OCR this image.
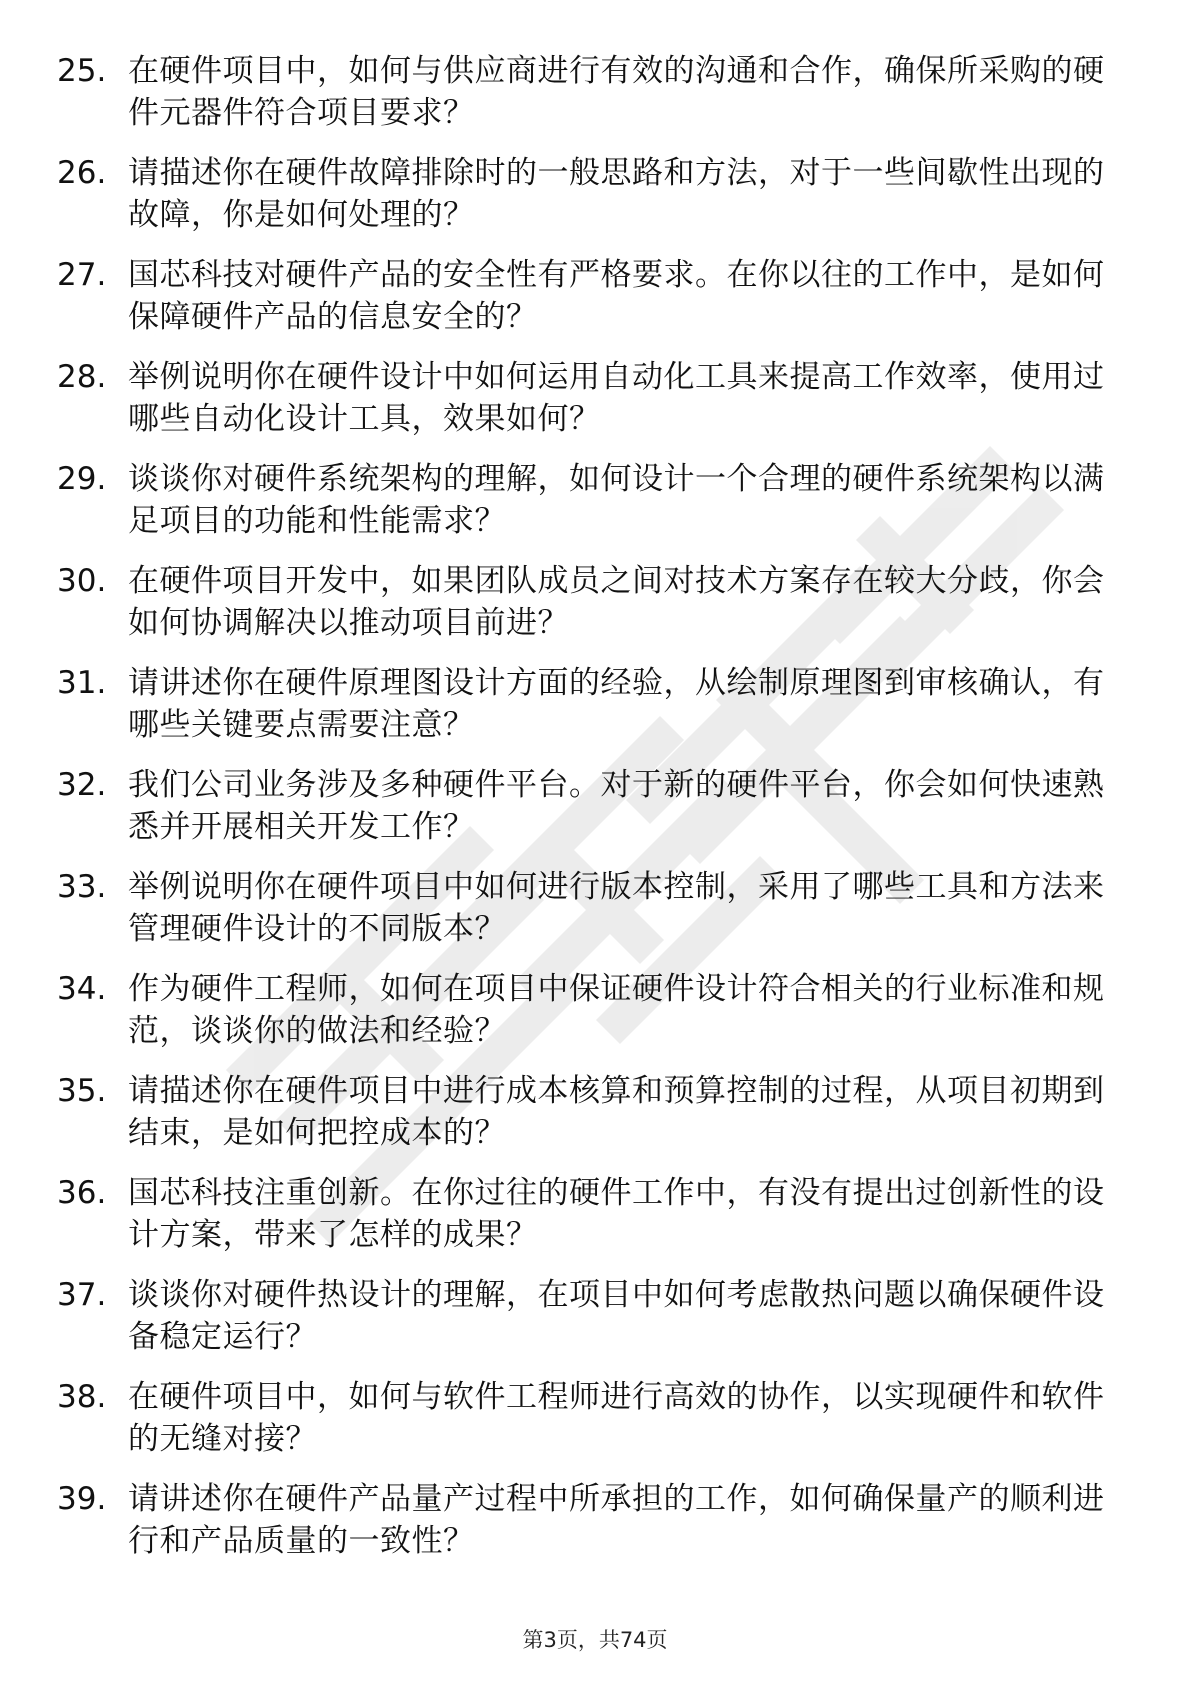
25. 在硬件项目中，如何与供应商进行有效的沟通和合作，确保所采购的硬件元器件符合项目要求？
26. 请描述你在硬件故障排除时的一般思路和方法，对于一些间歇性出现的故障，你是如何处理的？
27. 国芯科技对硬件产品的安全性有严格要求。在你以往的工作中，是如何保障硬件产品的信息安全的？
28. 举例说明你在硬件设计中如何运用自动化工具来提高工作效率，使用过哪些自动化设计工具，效果如何？
29. 谈谈你对硬件系统架构的理解，如何设计一个合理的硬件系统架构以满足项目的功能和性能需求？
30. 在硬件项目开发中，如果团队成员之间对技术方案存在较大分歧，你会如何协调解决以推动项目前进？
31. 请讲述你在硬件原理图设计方面的经验，从绘制原理图到审核确认，有哪些关键要点需要注意？
32. 我们公司业务涉及多种硬件平台。对于新的硬件平台，你会如何快速熟悉并开展相关开发工作？
33. 举例说明你在硬件项目中如何进行版本控制，采用了哪些工具和方法来管理硬件设计的不同版本？
34. 作为硬件工程师，如何在项目中保证硬件设计符合相关的行业标准和规范，谈谈你的做法和经验？
35. 请描述你在硬件项目中进行成本核算和预算控制的过程，从项目初期到结束，是如何把控成本的？
36. 国芯科技注重创新。在你过往的硬件工作中，有没有提出过创新性的设计方案，带来了怎样的成果？
37. 谈谈你对硬件热设计的理解，在项目中如何考虑散热问题以确保硬件设备稳定运行？
38. 在硬件项目中，如何与软件工程师进行高效的协作，以实现硬件和软件的无缝对接？
39. 请讲述你在硬件产品量产过程中所承担的工作，如何确保量产的顺利进行和产品质量的一致性？
第3页，共74页
